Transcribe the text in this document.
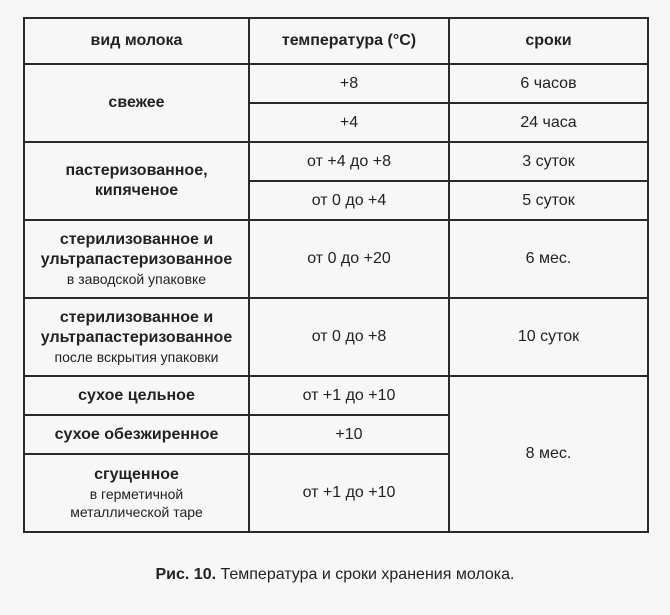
вид молока	температура (°С)	сроки

свежее	+8	6 часов
	+4	24 часа

пастеризованное,
кипяченое	от +4 до +8	3 суток
	от 0 до +4	5 суток

стерилизованное и
ультрапастеризованное
в заводской упаковке	от 0 до +20	6 мес.

стерилизованное и
ультрапастеризованное
после вскрытия упаковки	от 0 до +8	10 суток

сухое цельное	от +1 до +10	8 мес.

сухое обезжиренное	+10	

сгущенное
в герметичной
металлической таре	от +1 до +10	
Рис. 10. Температура и сроки хранения молока.
